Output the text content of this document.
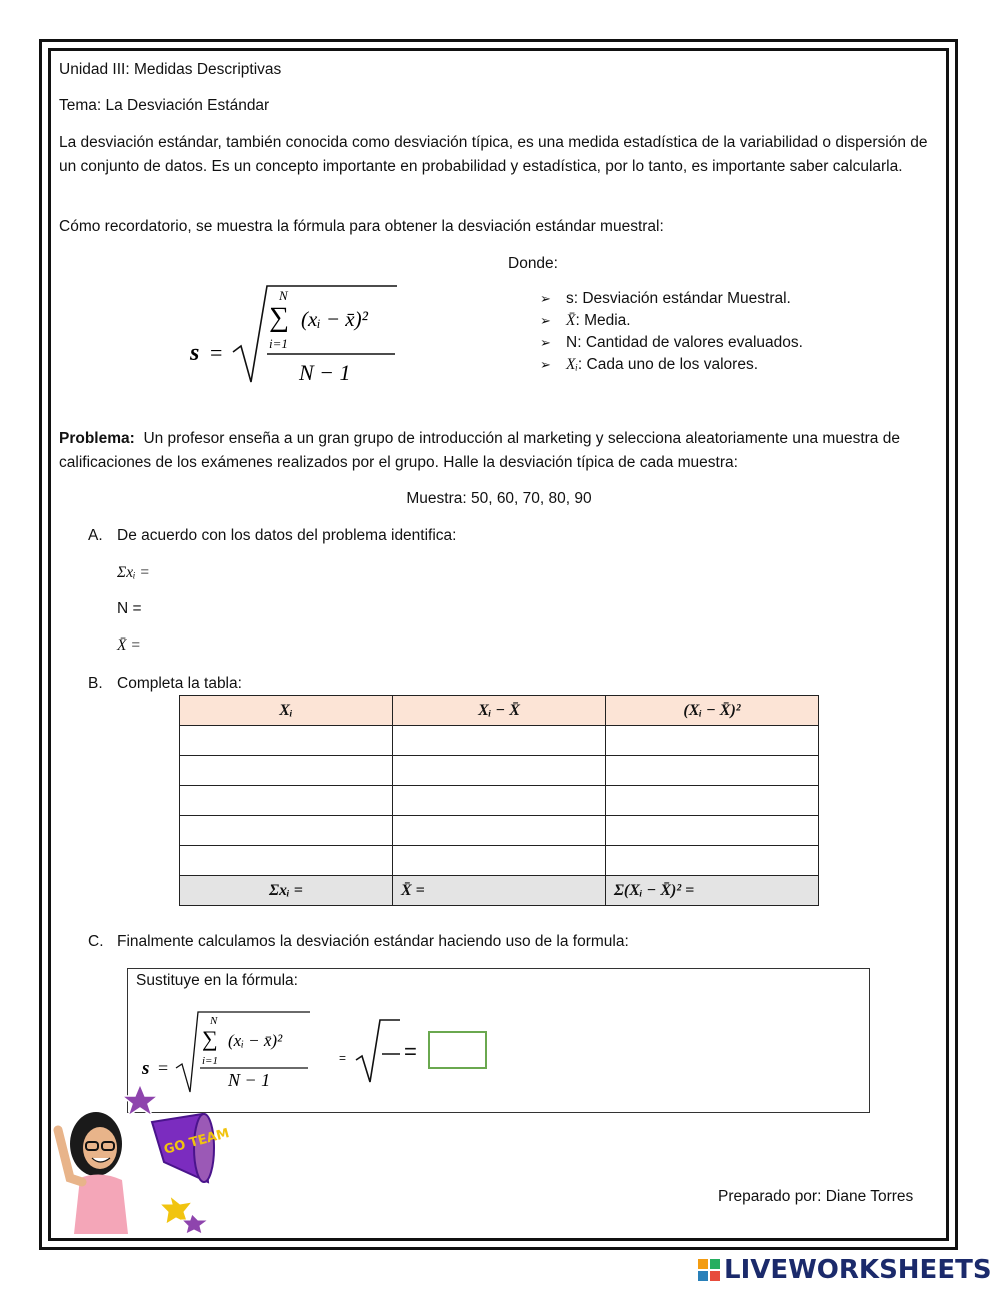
Unidad III: Medidas Descriptivas
Tema: La Desviación Estándar
La desviación estándar, también conocida como desviación típica, es una medida estadística de la variabilidad o dispersión de un conjunto de datos. Es un concepto importante en probabilidad y estadística, por lo tanto, es importante saber calcularla.
Cómo recordatorio, se muestra la fórmula para obtener la desviación estándar muestral:
s =
N
∑
i=1
(xᵢ − x̄)²
N − 1
Donde:
➢ s: Desviación estándar Muestral.
➢ X̄: Media.
➢ N: Cantidad de valores evaluados.
➢ Xᵢ: Cada uno de los valores.
Problema: Un profesor enseña a un gran grupo de introducción al marketing y selecciona aleatoriamente una muestra de calificaciones de los exámenes realizados por el grupo. Halle la desviación típica de cada muestra:
Muestra: 50, 60, 70, 80, 90
A. De acuerdo con los datos del problema identifica:
Σxᵢ =
N =
X̄ =
B. Completa la tabla:
Xᵢ	Xᵢ − X̄	(Xᵢ − X̄)²

Σxᵢ =	X̄ =	Σ(Xᵢ − X̄)² =
C. Finalmente calculamos la desviación estándar haciendo uso de la formula:
Sustituye en la fórmula:
s =
N
∑
i=1
(xᵢ − x̄)²
N − 1
=	=
GO TEAM
Preparado por: Diane Torres
LIVEWORKSHEETS
